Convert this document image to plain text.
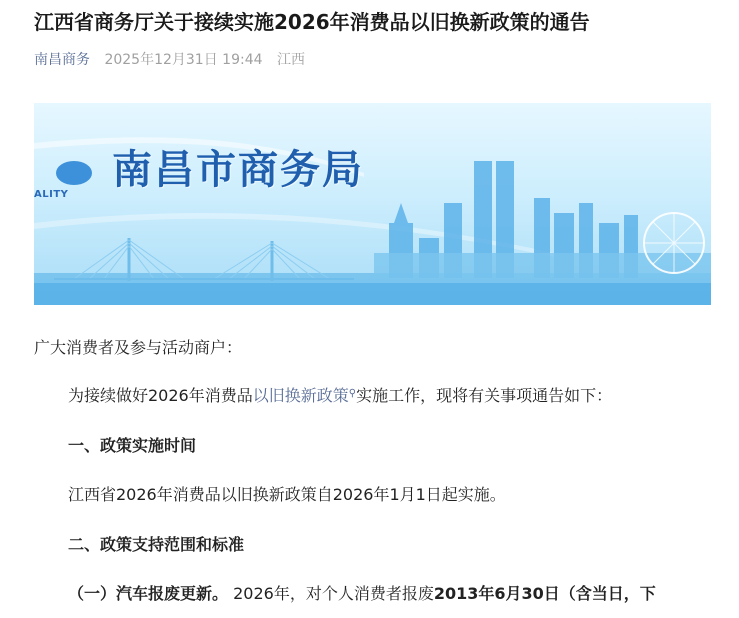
江西省商务厅关于接续实施2026年消费品以旧换新政策的通告
南昌商务 2025年12月31日 19:44 江西
南昌市商务局
ALITY
广大消费者及参与活动商户：
为接续做好2026年消费品以旧换新政策⚲实施工作，现将有关事项通告如下：
一、政策实施时间
江西省2026年消费品以旧换新政策自2026年1月1日起实施。
二、政策支持范围和标准
（一）汽车报废更新。 2026年，对个人消费者报废2013年6月30日（含当日，下
